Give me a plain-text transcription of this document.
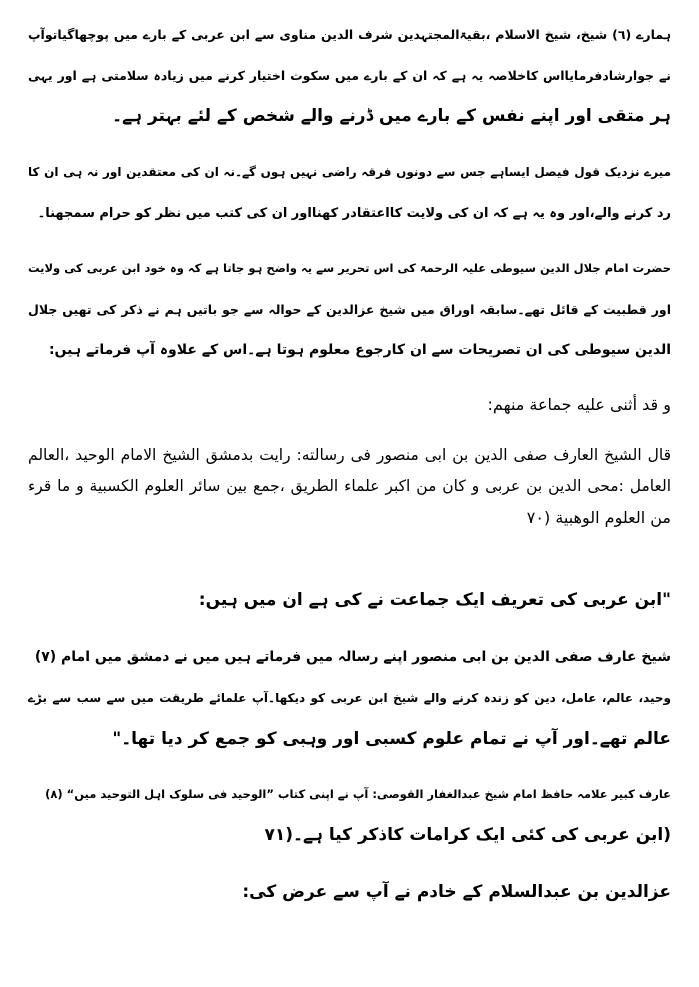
ہمارے (٦) شیخ، شیخ الاسلام ،بقیۃالمجتہدین شرف الدین مناوی سے ابن عربی کے بارے میں پوچھاگیاتوآپ
نے جوارشادفرمایااس کاخلاصہ یہ ہے کہ ان کے بارے میں سکوت اختیار کرنے میں زیادہ سلامتی ہے اور یہی
ہر متقی اور اپنے نفس کے بارے میں ڈرنے والے شخص کے لئے بہتر ہے۔
میرے نزدیک قول فیصل ایساہے جس سے دونوں فرقہ راضی نہیں ہوں گے۔نہ ان کی معتقدین اور نہ ہی ان کا
رد کرنے والے،اور وہ یہ ہے کہ ان کی ولایت کااعتقادر کھنااور ان کی کتب میں نظر کو حرام سمجھنا۔
حضرت امام جلال الدین سیوطی علیہ الرحمۃ کی اس تحریر سے یہ واضح ہو جاتا ہے کہ وہ خود ابن عربی کی ولایت
اور قطبیت کے قائل تھے۔سابقہ اوراق میں شیخ عزالدین کے حوالہ سے جو باتیں ہم نے ذکر کی تھیں جلال
الدین سیوطی کی ان تصریحات سے ان کارجوع معلوم ہوتا ہے۔اس کے علاوہ آپ فرماتے ہیں:
و قد أثنى عليه جماعة منهم:
قال الشيخ العارف صفى الدين بن ابى منصور فى رسالته: رايت بدمشق الشيخ الامام الوحيد ،العالم
العامل :محى الدين بن عربى و كان من اكبر علماء الطريق ،جمع بين سائر العلوم الكسبية و ما قرء
من العلوم الوهبية (٧٠
"ابن عربی کی تعریف ایک جماعت نے کی ہے ان میں ہیں:
شیخ عارف صفی الدین بن ابی منصور اپنے رسالہ میں فرماتے ہیں میں نے دمشق میں امام (٧)
وحید، عالم، عامل، دین کو زندہ کرنے والے شیخ ابن عربی کو دیکھا۔آپ علمائے طریقت میں سے سب سے بڑے
عالم تھے۔اور آپ نے تمام علوم کسبی اور وہبی کو جمع کر دیا تھا۔"
عارف کبیر علامہ حافظ امام شیخ عبدالغفار القوصی: آپ نے اپنی کتاب ”الوحید فی سلوک اہل التوحید میں“ (٨)
(ابن عربی کی کئی ایک کرامات کاذکر کیا ہے۔(٧١
عزالدین بن عبدالسلام کے خادم نے آپ سے عرض کی:
